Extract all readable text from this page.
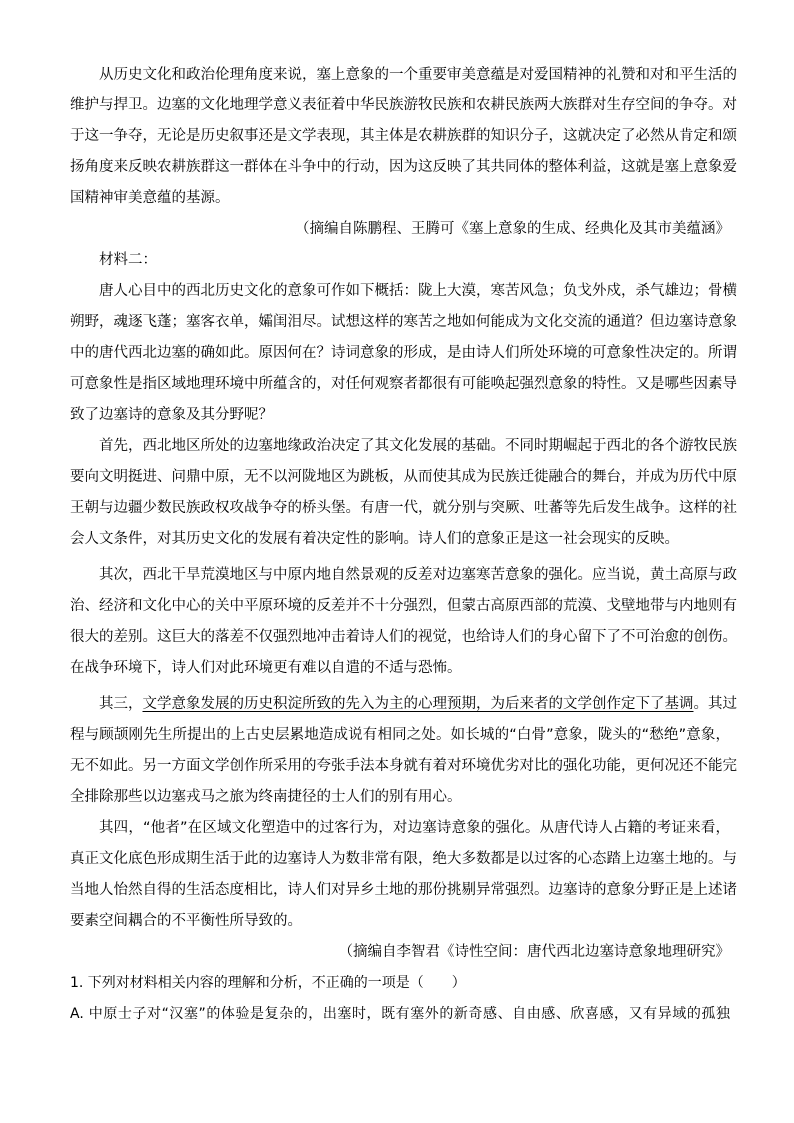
从历史文化和政治伦理角度来说，塞上意象的一个重要审美意蕴是对爱国精神的礼赞和对和平生活的
维护与捍卫。边塞的文化地理学意义表征着中华民族游牧民族和农耕民族两大族群对生存空间的争夺。对
于这一争夺，无论是历史叙事还是文学表现，其主体是农耕族群的知识分子，这就决定了必然从肯定和颂
扬角度来反映农耕族群这一群体在斗争中的行动，因为这反映了其共同体的整体利益，这就是塞上意象爱
国精神审美意蕴的基源。
（摘编自陈鹏程、王腾可《塞上意象的生成、经典化及其市美蕴涵》
材料二：
唐人心目中的西北历史文化的意象可作如下概括：陇上大漠，寒苦风急；负戈外戍，杀气雄边；骨横
朔野，魂逐飞蓬；塞客衣单，孀闺泪尽。试想这样的寒苦之地如何能成为文化交流的通道？但边塞诗意象
中的唐代西北边塞的确如此。原因何在？诗词意象的形成，是由诗人们所处环境的可意象性决定的。所谓
可意象性是指区域地理环境中所蕴含的，对任何观察者都很有可能唤起强烈意象的特性。又是哪些因素导
致了边塞诗的意象及其分野呢？
首先，西北地区所处的边塞地缘政治决定了其文化发展的基础。不同时期崛起于西北的各个游牧民族
要向文明挺进、问鼎中原，无不以河陇地区为跳板，从而使其成为民族迁徙融合的舞台，并成为历代中原
王朝与边疆少数民族政权攻战争夺的桥头堡。有唐一代，就分别与突厥、吐蕃等先后发生战争。这样的社
会人文条件，对其历史文化的发展有着决定性的影响。诗人们的意象正是这一社会现实的反映。
其次，西北干旱荒漠地区与中原内地自然景观的反差对边塞寒苦意象的强化。应当说，黄土高原与政
治、经济和文化中心的关中平原环境的反差并不十分强烈，但蒙古高原西部的荒漠、戈壁地带与内地则有
很大的差别。这巨大的落差不仅强烈地冲击着诗人们的视觉，也给诗人们的身心留下了不可治愈的创伤。
在战争环境下，诗人们对此环境更有难以自遣的不适与恐怖。
其三，文学意象发展的历史积淀所致的先入为主的心理预期，为后来者的文学创作定下了基调。其过
程与顾颉刚先生所提出的上古史层累地造成说有相同之处。如长城的“白骨”意象，陇头的“愁绝”意象，
无不如此。另一方面文学创作所采用的夸张手法本身就有着对环境优劣对比的强化功能，更何况还不能完
全排除那些以边塞戎马之旅为终南捷径的士人们的别有用心。
其四，“他者”在区域文化塑造中的过客行为，对边塞诗意象的强化。从唐代诗人占籍的考证来看，
真正文化底色形成期生活于此的边塞诗人为数非常有限，绝大多数都是以过客的心态踏上边塞土地的。与
当地人怡然自得的生活态度相比，诗人们对异乡土地的那份挑剔异常强烈。边塞诗的意象分野正是上述诸
要素空间耦合的不平衡性所导致的。
（摘编自李智君《诗性空间：唐代西北边塞诗意象地理研究》
1. 下列对材料相关内容的理解和分析，不正确的一项是（　　）
A. 中原士子对“汉塞”的体验是复杂的，出塞时，既有塞外的新奇感、自由感、欣喜感，又有异域的孤独
